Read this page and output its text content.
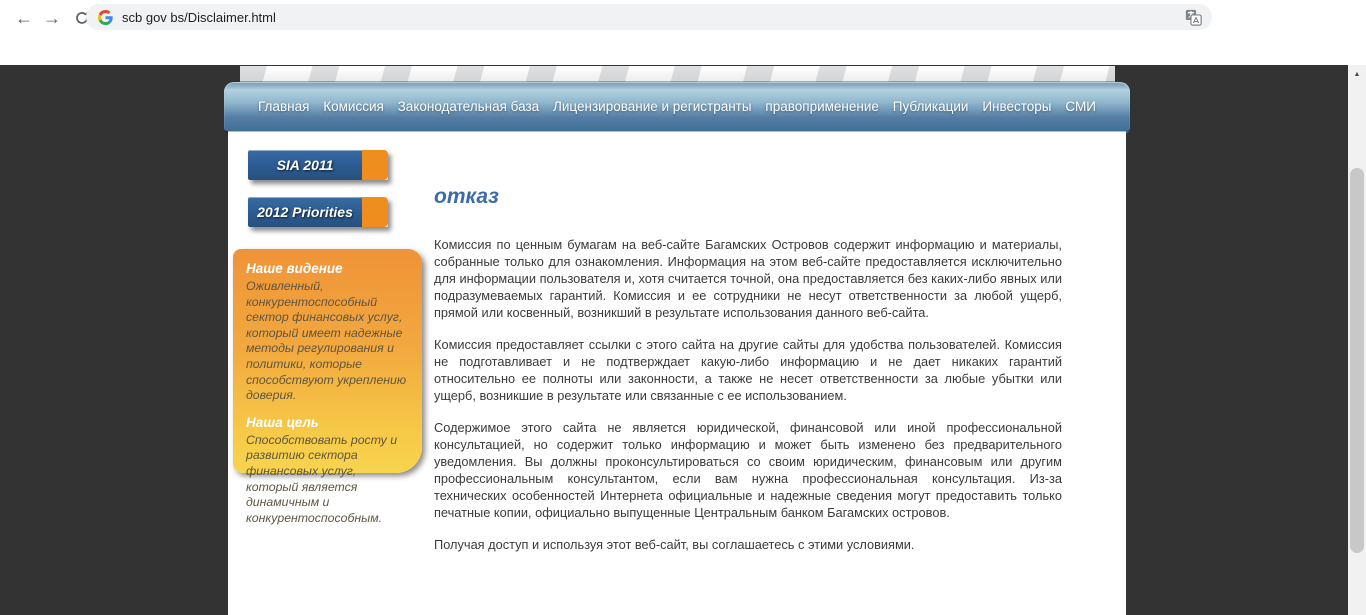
← →	scb gov bs/Disclaimer.html
Главная Комиссия Законодательная база Лицензирование и регистранты правоприменение Публикации Инвесторы СМИ
SIA 2011
2012 Priorities
Наше видение

Оживленный, конкурентоспособный сектор финансовых услуг, который имеет надежные методы регулирования и политики, которые способствуют укреплению доверия.

Наша цель

Способствовать росту и развитию сектора финансовых услуг, который является динамичным и конкурентоспособным.

отказ

Комиссия по ценным бумагам на веб-сайте Багамских Островов содержит информацию и материалы, собранные только для ознакомления. Информация на этом веб-сайте предоставляется исключительно для информации пользователя и, хотя считается точной, она предоставляется без каких-либо явных или подразумеваемых гарантий. Комиссия и ее сотрудники не несут ответственности за любой ущерб, прямой или косвенный, возникший в результате использования данного веб-сайта.

Комиссия предоставляет ссылки с этого сайта на другие сайты для удобства пользователей. Комиссия не подготавливает и не подтверждает какую-либо информацию и не дает никаких гарантий относительно ее полноты или законности, а также не несет ответственности за любые убытки или ущерб, возникшие в результате или связанные с ее использованием.

Содержимое этого сайта не является юридической, финансовой или иной профессиональной консультацией, но содержит только информацию и может быть изменено без предварительного уведомления. Вы должны проконсультироваться со своим юридическим, финансовым или другим профессиональным консультантом, если вам нужна профессиональная консультация. Из-за технических особенностей Интернета официальные и надежные сведения могут предоставить только печатные копии, официально выпущенные Центральным банком Багамских островов.

Получая доступ и используя этот веб-сайт, вы соглашаетесь с этими условиями.

▲
